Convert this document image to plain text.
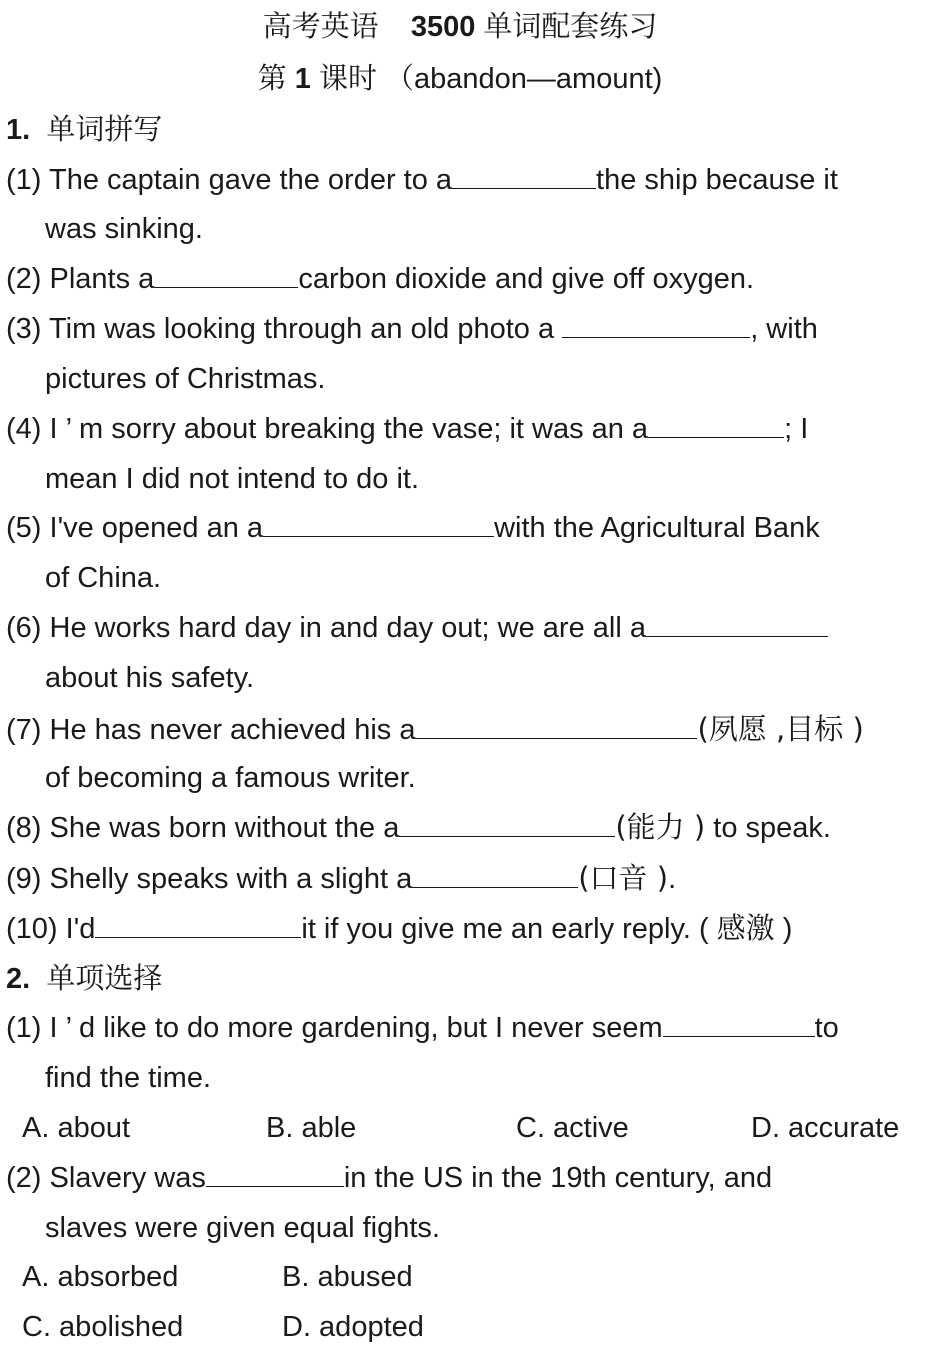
高考英语 3500 单词配套练习
第 1 课时 （abandon—amount)
1. 单词拼写
(1) The captain gave the order to a	the ship because it
was sinking.
(2) Plants a	carbon dioxide and give off oxygen.
(3) Tim was looking through an old photo a	, with
pictures of Christmas.
(4) I ’ m sorry about breaking the vase; it was an a	; I
mean I did not intend to do it.
(5) I've opened an a	with the Agricultural Bank
of China.
(6) He works hard day in and day out; we are all a
about his safety.
(7) He has never achieved his a	(夙愿 ,目标 )
of becoming a famous writer.
(8) She was born without the a	(能力 ) to speak.
(9) Shelly speaks with a slight a	(口音 ).
(10) I'd	it if you give me an early reply. ( 感激 )
2. 单项选择
(1) I ’ d like to do more gardening, but I never seem	to
find the time.
A. about	B. able	C. active	D. accurate
(2) Slavery was	in the US in the 19th century, and
slaves were given equal fights.
A. absorbed	B. abused
C. abolished	D. adopted
